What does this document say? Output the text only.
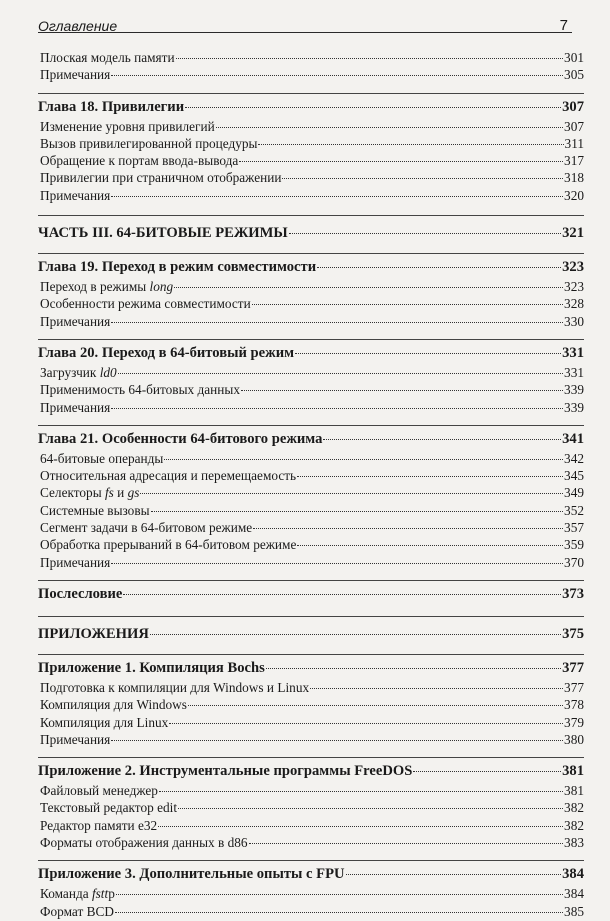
Оглавление	7
Плоская модель памяти	301
Примечания	305
Глава 18. Привилегии	307
Изменение уровня привилегий	307
Вызов привилегированной процедуры	311
Обращение к портам ввода-вывода	317
Привилегии при страничном отображении	318
Примечания	320
ЧАСТЬ III. 64-БИТОВЫЕ РЕЖИМЫ	321
Глава 19. Переход в режим совместимости	323
Переход в режимы long	323
Особенности режима совместимости	328
Примечания	330
Глава 20. Переход в 64-битовый режим	331
Загрузчик ld0	331
Применимость 64-битовых данных	339
Примечания	339
Глава 21. Особенности 64-битового режима	341
64-битовые операнды	342
Относительная адресация и перемещаемость	345
Селекторы fs и gs	349
Системные вызовы	352
Сегмент задачи в 64-битовом режиме	357
Обработка прерываний в 64-битовом режиме	359
Примечания	370
Послесловие	373
ПРИЛОЖЕНИЯ	375
Приложение 1. Компиляция Bochs	377
Подготовка к компиляции для Windows и Linux	377
Компиляция для Windows	378
Компиляция для Linux	379
Примечания	380
Приложение 2. Инструментальные программы FreeDOS	381
Файловый менеджер	381
Текстовый редактор edit	382
Редактор памяти e32	382
Форматы отображения данных в d86	383
Приложение 3. Дополнительные опыты с FPU	384
Команда fsttp	384
Формат BCD	385
